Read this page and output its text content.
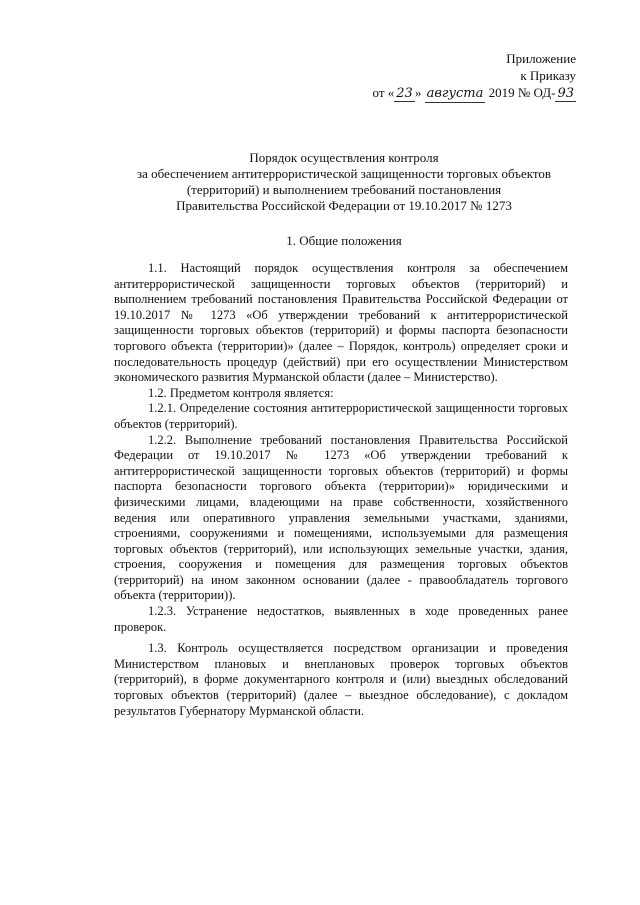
Приложение
к Приказу
от « 23 » августа 2019 № ОД- 93
Порядок осуществления контроля
за обеспечением антитеррористической защищенности торговых объектов
(территорий) и выполнением требований постановления
Правительства Российской Федерации от 19.10.2017 № 1273
1. Общие положения

1.1. Настоящий порядок осуществления контроля за обеспечением антитеррористической защищенности торговых объектов (территорий) и выполнением требований постановления Правительства Российской Федерации от 19.10.2017 № 1273 «Об утверждении требований к антитеррористической защищенности торговых объектов (территорий) и формы паспорта безопасности торгового объекта (территории)» (далее – Порядок, контроль) определяет сроки и последовательность процедур (действий) при его осуществлении Министерством экономического развития Мурманской области (далее – Министерство).

1.2. Предметом контроля является:

1.2.1. Определение состояния антитеррористической защищенности торговых объектов (территорий).

1.2.2. Выполнение требований постановления Правительства Российской Федерации от 19.10.2017 № 1273 «Об утверждении требований к антитеррористической защищенности торговых объектов (территорий) и формы паспорта безопасности торгового объекта (территории)» юридическими и физическими лицами, владеющими на праве собственности, хозяйственного ведения или оперативного управления земельными участками, зданиями, строениями, сооружениями и помещениями, используемыми для размещения торговых объектов (территорий), или использующих земельные участки, здания, строения, сооружения и помещения для размещения торговых объектов (территорий) на ином законном основании (далее - правообладатель торгового объекта (территории)).

1.2.3. Устранение недостатков, выявленных в ходе проведенных ранее проверок.

1.3. Контроль осуществляется посредством организации и проведения Министерством плановых и внеплановых проверок торговых объектов (территорий), в форме документарного контроля и (или) выездных обследований торговых объектов (территорий) (далее – выездное обследование), с докладом результатов Губернатору Мурманской области.
